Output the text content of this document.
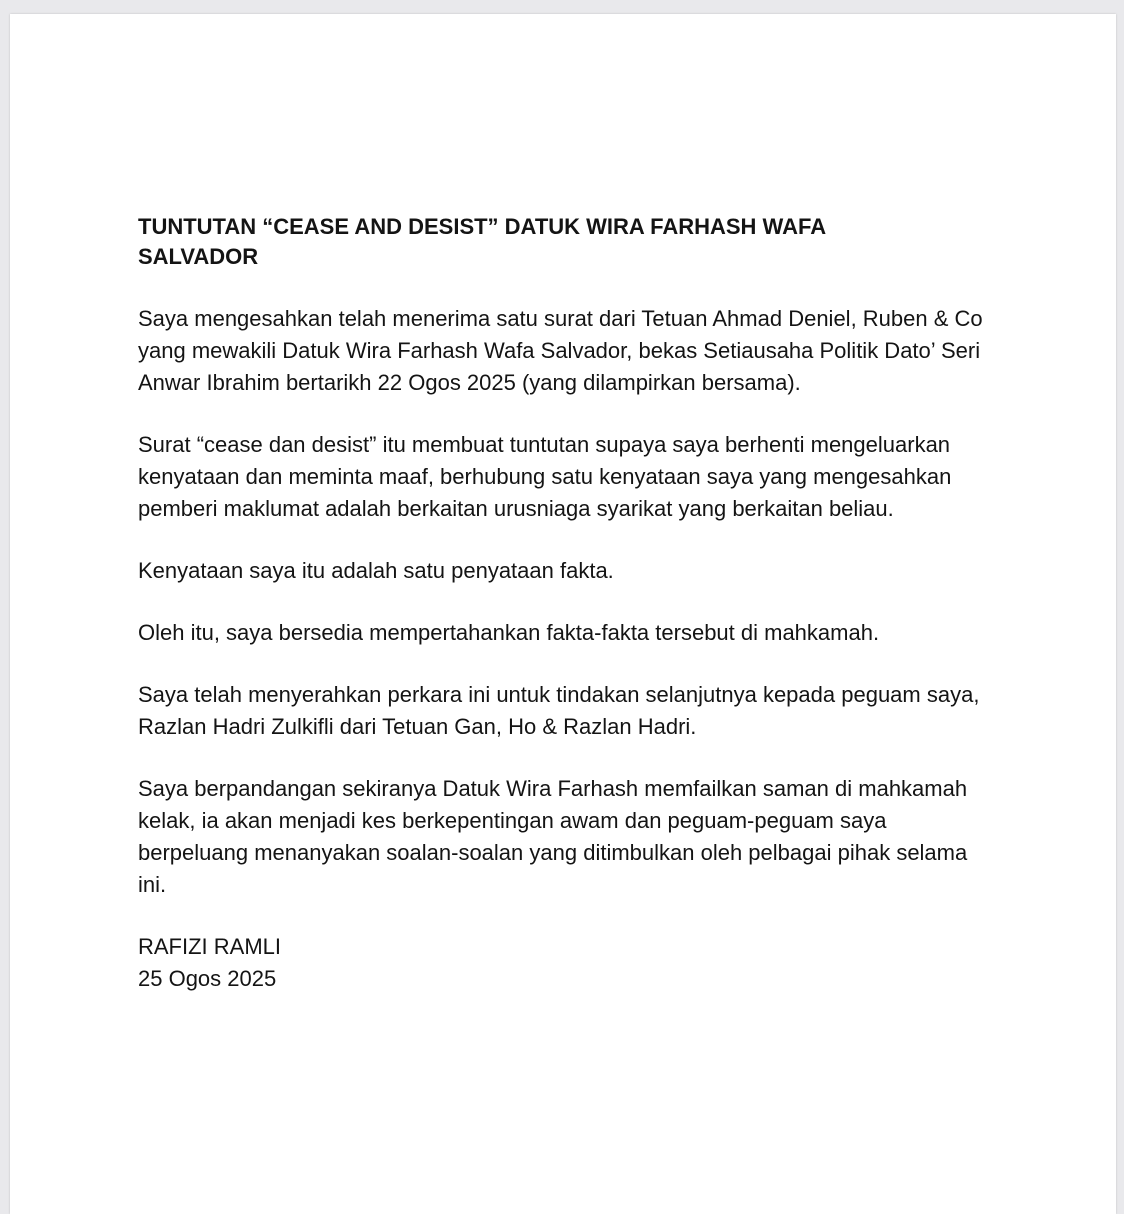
TUNTUTAN “CEASE AND DESIST” DATUK WIRA FARHASH WAFA SALVADOR

Saya mengesahkan telah menerima satu surat dari Tetuan Ahmad Deniel, Ruben & Co yang mewakili Datuk Wira Farhash Wafa Salvador, bekas Setiausaha Politik Dato’ Seri Anwar Ibrahim bertarikh 22 Ogos 2025 (yang dilampirkan bersama).

Surat “cease dan desist” itu membuat tuntutan supaya saya berhenti mengeluarkan kenyataan dan meminta maaf, berhubung satu kenyataan saya yang mengesahkan pemberi maklumat adalah berkaitan urusniaga syarikat yang berkaitan beliau.

Kenyataan saya itu adalah satu penyataan fakta.

Oleh itu, saya bersedia mempertahankan fakta-fakta tersebut di mahkamah.

Saya telah menyerahkan perkara ini untuk tindakan selanjutnya kepada peguam saya, Razlan Hadri Zulkifli dari Tetuan Gan, Ho & Razlan Hadri.

Saya berpandangan sekiranya Datuk Wira Farhash memfailkan saman di mahkamah kelak, ia akan menjadi kes berkepentingan awam dan peguam-peguam saya berpeluang menanyakan soalan-soalan yang ditimbulkan oleh pelbagai pihak selama ini.

RAFIZI RAMLI
25 Ogos 2025
